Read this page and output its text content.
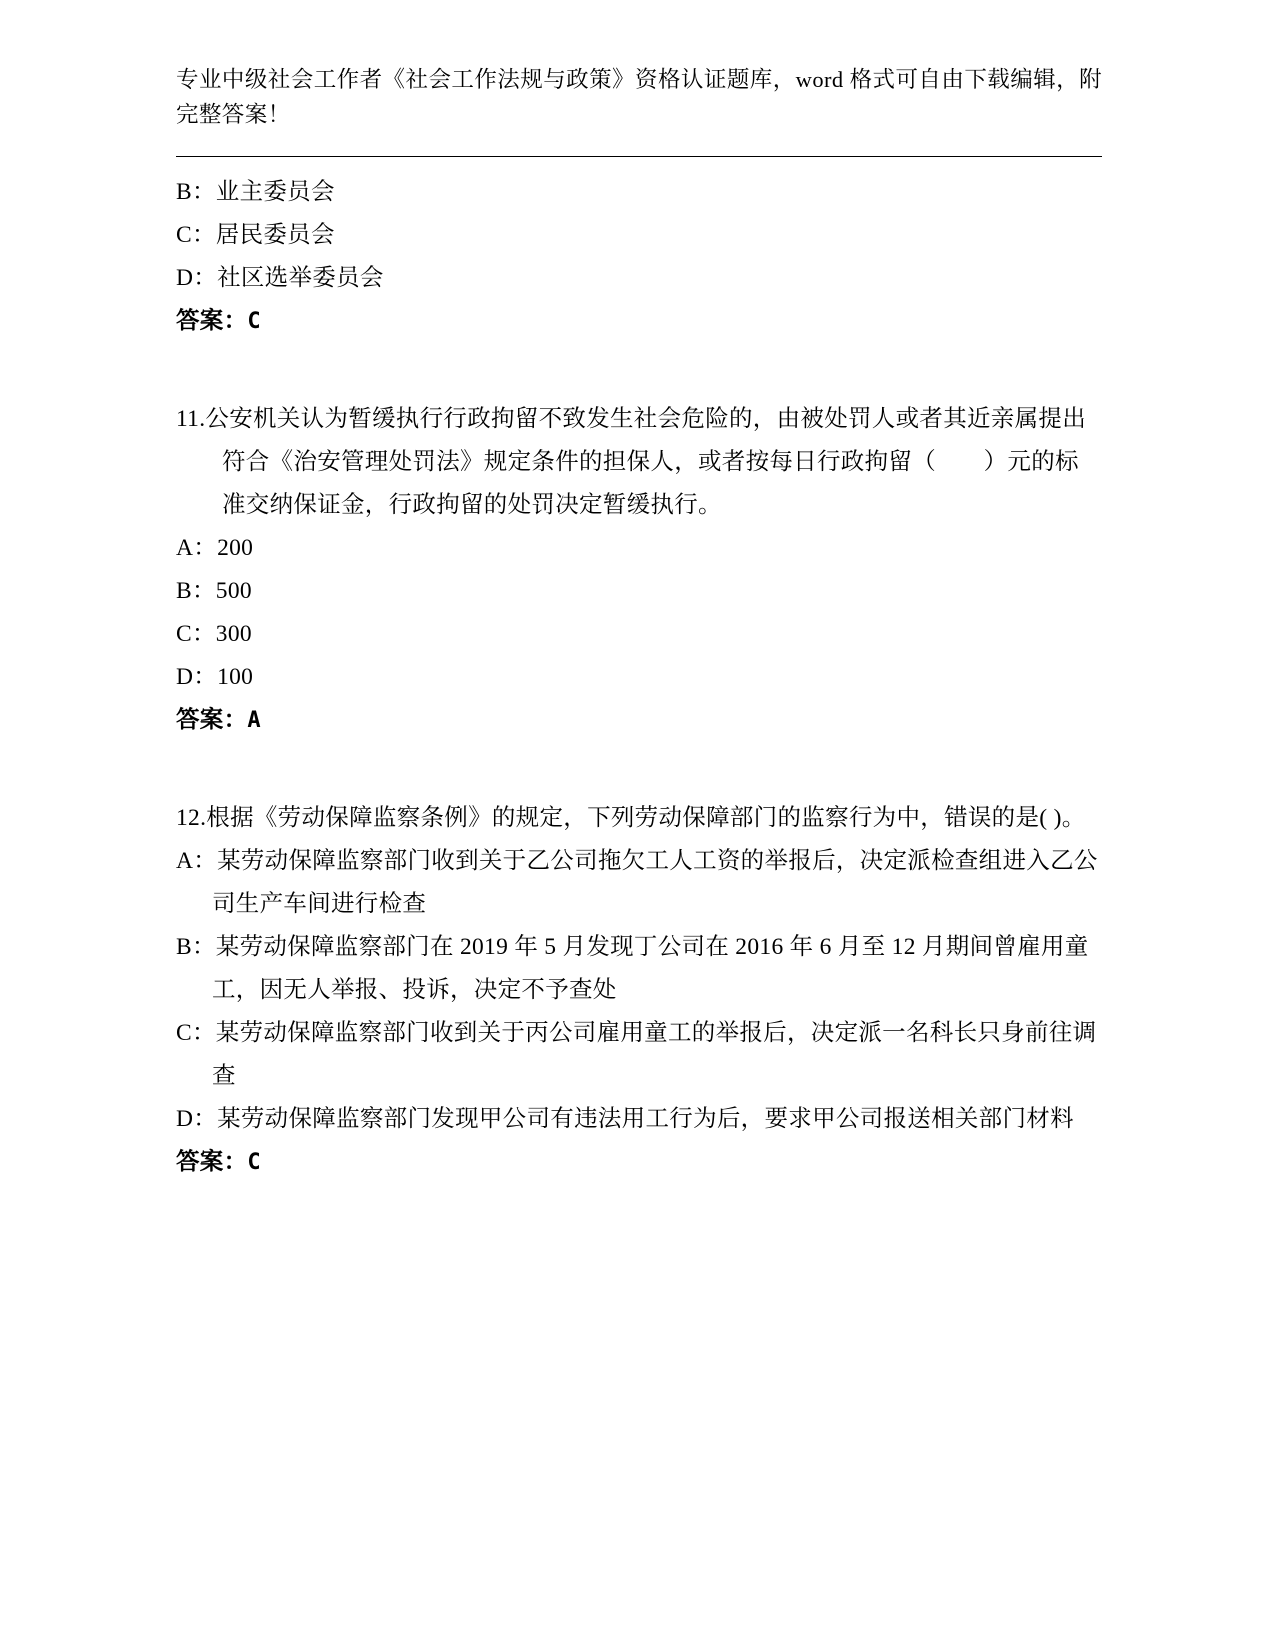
专业中级社会工作者《社会工作法规与政策》资格认证题库，word 格式可自由下载编辑，附完整答案！

B：业主委员会

C：居民委员会

D：社区选举委员会

答案：C

11.公安机关认为暂缓执行行政拘留不致发生社会危险的，由被处罚人或者其近亲属提出符合《治安管理处罚法》规定条件的担保人，或者按每日行政拘留（　　）元的标准交纳保证金，行政拘留的处罚决定暂缓执行。

A：200

B：500

C：300

D：100

答案：A

12.根据《劳动保障监察条例》的规定，下列劳动保障部门的监察行为中，错误的是( )。

A：某劳动保障监察部门收到关于乙公司拖欠工人工资的举报后，决定派检查组进入乙公司生产车间进行检查

B：某劳动保障监察部门在 2019 年 5 月发现丁公司在 2016 年 6 月至 12 月期间曾雇用童工，因无人举报、投诉，决定不予查处

C：某劳动保障监察部门收到关于丙公司雇用童工的举报后，决定派一名科长只身前往调查

D：某劳动保障监察部门发现甲公司有违法用工行为后，要求甲公司报送相关部门材料

答案：C
